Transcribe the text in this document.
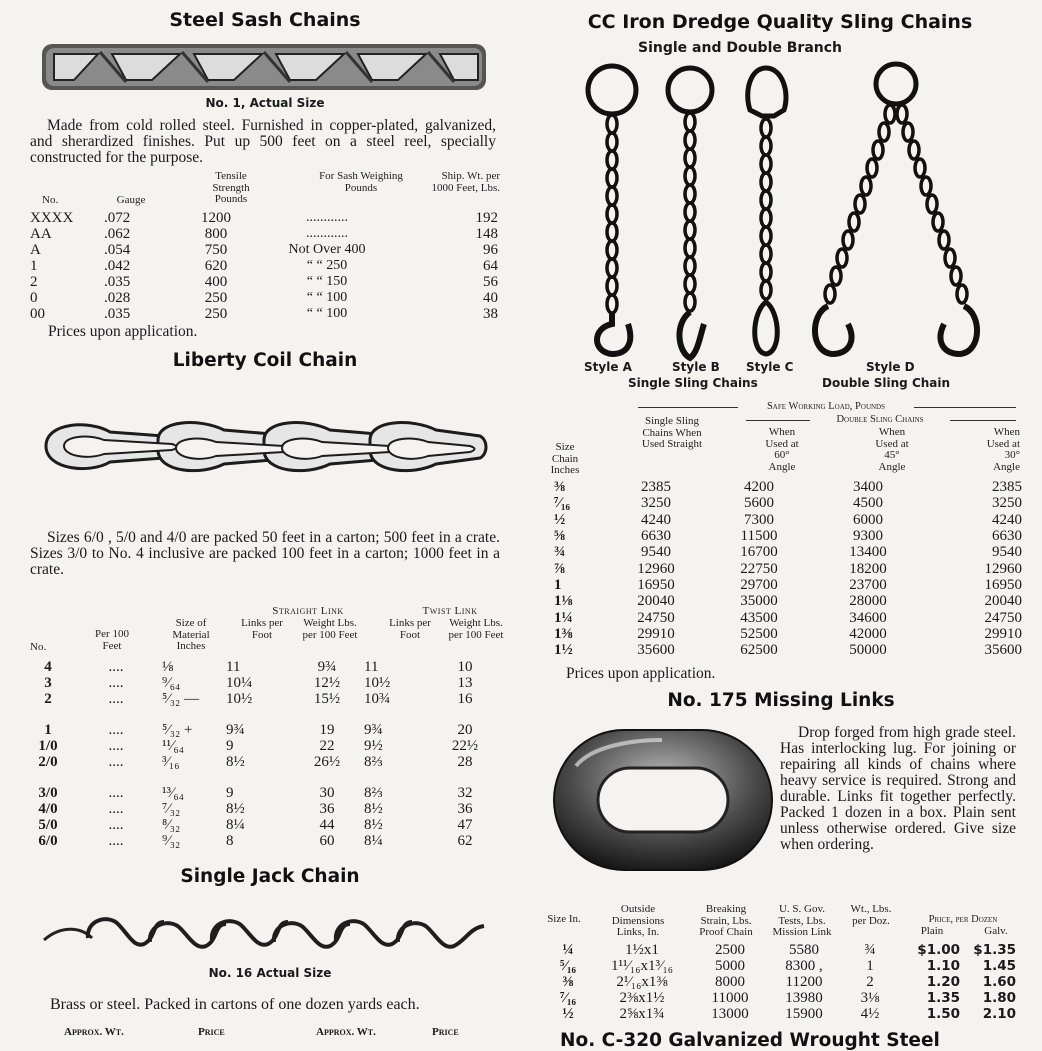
Steel Sash Chains
No. 1, Actual Size
Made from cold rolled steel. Furnished in copper-plated, galvanized, and sherardized finishes. Put up 500 feet on a steel reel, specially constructed for the purpose.
No.	Gauge
Tensile Strength Pounds
For Sash Weighing Pounds
Ship. Wt. per 1000 Feet, Lbs.
XXXX	.072	1200	............	192
AA	.062	800	............	148
A	.054	750	Not Over 400	96
1	.042	620	“ “ 250	64
2	.035	400	“ “ 150	56
0	.028	250	“ “ 100	40
00	.035	250	“ “ 100	38
Prices upon application.
Liberty Coil Chain
Sizes 6/0 , 5/0 and 4/0 are packed 50 feet in a carton; 500 feet in a crate. Sizes 3/0 to No. 4 inclusive are packed 100 feet in a carton; 1000 feet in a crate.
Straight Link	Twist Link
No.
Per 100 Feet
Size of Material Inches
Links per Foot
Weight Lbs. per 100 Feet
Links per Foot
Weight Lbs. per 100 Feet
4	....	⅛	11	9¾	11	10
3	....	⁹⁄₆₄	10¼	12½	10½	13
2	....	⁵⁄₃₂ —	10½	15½	10¾	16

1	....	⁵⁄₃₂ +	9¾	19	9¾	20
1/0	....	¹¹⁄₆₄	9	22	9½	22½
2/0	....	³⁄₁₆	8½	26½	8⅔	28

3/0	....	¹³⁄₆₄	9	30	8⅔	32
4/0	....	⁷⁄₃₂	8½	36	8½	36
5/0	....	⁸⁄₃₂	8¼	44	8½	47
6/0	....	⁹⁄₃₂	8	60	8¼	62
Single Jack Chain
No. 16 Actual Size
Brass or steel. Packed in cartons of one dozen yards each.
Approx. Wt.	Price	Approx. Wt.	Price
CC Iron Dredge Quality Sling Chains
Single and Double Branch
Style A	Style B Style C	Style D
Single Sling Chains	Double Sling Chain
Safe Working Load, Pounds
Double Sling Chains
Size Chain Inches
Single Sling Chains When Used Straight
When Used at 60° Angle
When Used at 45° Angle
When Used at 30° Angle
⅜	2385	4200	3400	2385
⁷⁄₁₆	3250	5600	4500	3250
½	4240	7300	6000	4240
⅝	6630	11500	9300	6630
¾	9540	16700	13400	9540
⅞	12960	22750	18200	12960
1	16950	29700	23700	16950
1⅛	20040	35000	28000	20040
1¼	24750	43500	34600	24750
1⅜	29910	52500	42000	29910
1½	35600	62500	50000	35600
Prices upon application.
No. 175 Missing Links
Drop forged from high grade steel. Has interlocking lug. For joining or repairing all kinds of chains where heavy service is required. Strong and durable. Links fit together perfectly. Packed 1 dozen in a box. Plain sent unless otherwise ordered. Give size when ordering.
Size In.
Outside Dimensions Links, In.
Breaking Strain, Lbs. Proof Chain
U. S. Gov. Tests, Lbs. Mission Link
Wt., Lbs. per Doz.	Price, per Dozen
Plain	Galv.
¼	1½x1	2500	5580	¾	$1.00	$1.35
⁵⁄₁₆	1¹¹⁄₁₆x1³⁄₁₆	5000	8300 ,	1	1.10	1.45
⅜	2¹⁄₁₆x1⅜	8000	11200	2	1.20	1.60
⁷⁄₁₆	2⅜x1½	11000	13980	3⅛	1.35	1.80
½	2⅝x1¾	13000	15900	4½	1.50	2.10
No. C-320 Galvanized Wrought Steel
